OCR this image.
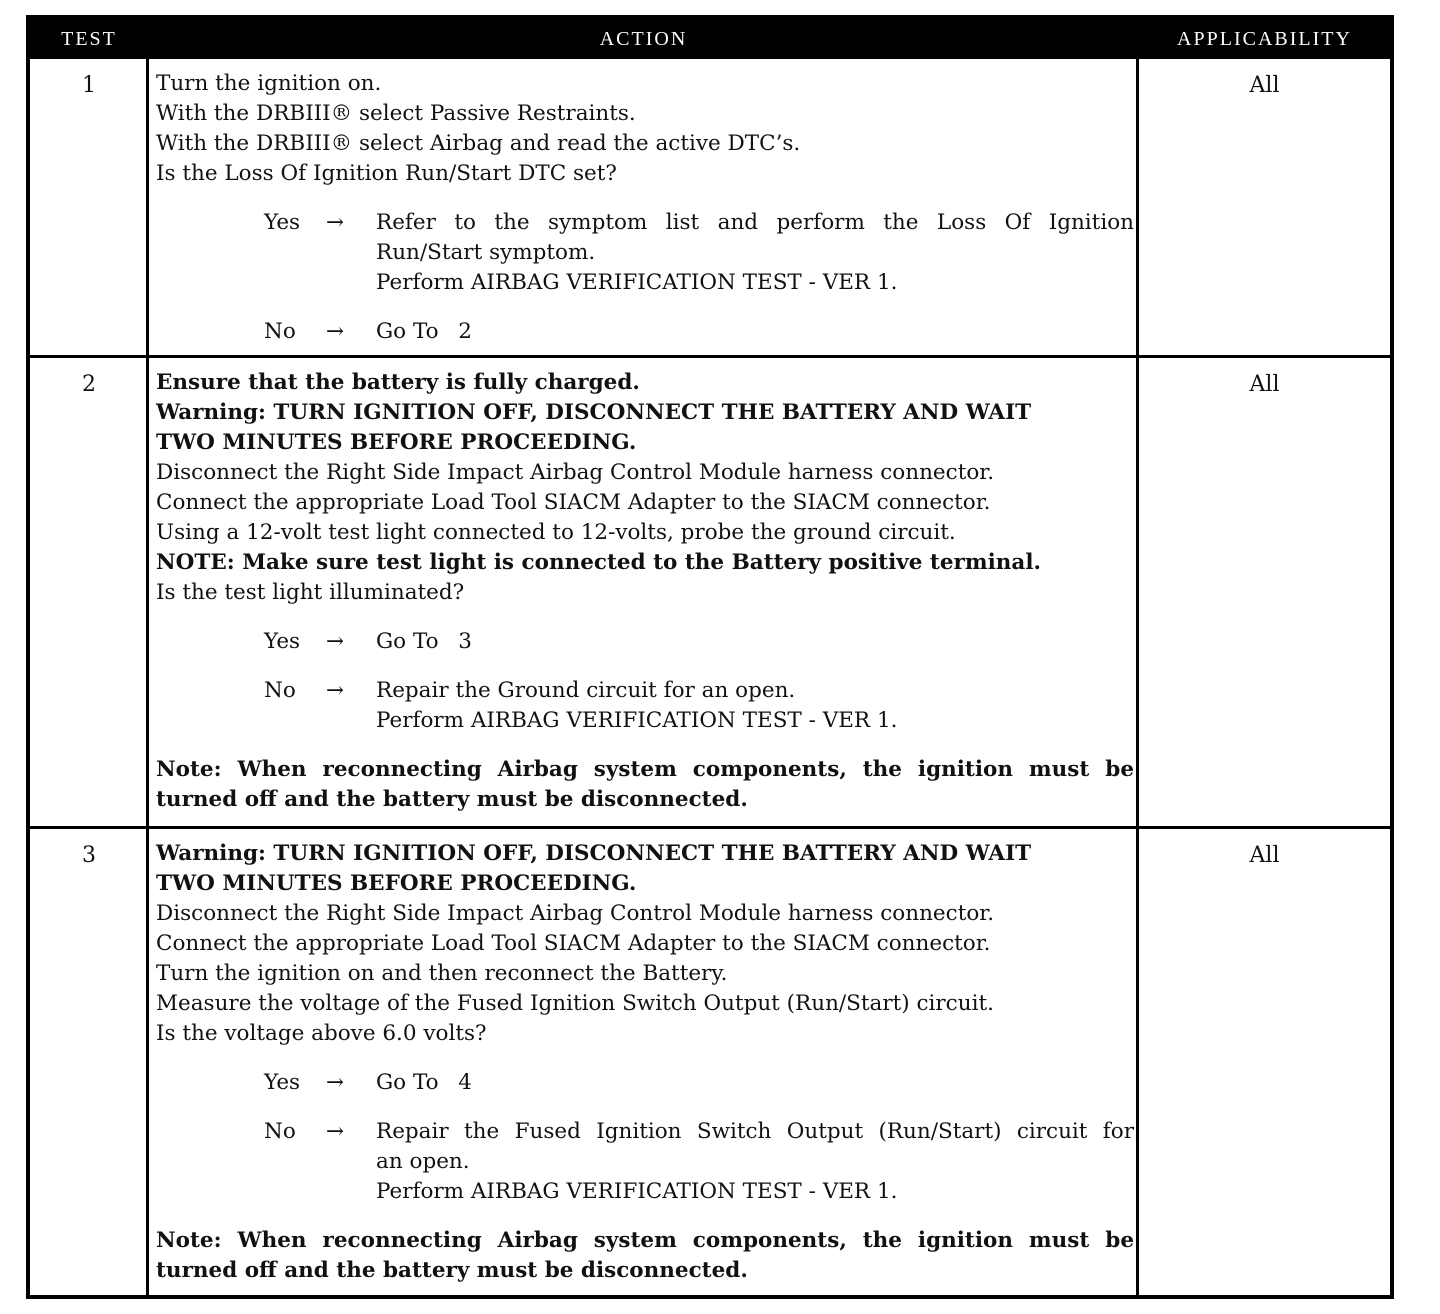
TEST	ACTION	APPLICABILITY
1	Turn the ignition on.
With the DRBIII® select Passive Restraints.
With the DRBIII® select Airbag and read the active DTC’s.
Is the Loss Of Ignition Run/Start DTC set?
Yes	→	Refer to the symptom list and perform the Loss Of Ignition
Run/Start symptom.
Perform AIRBAG VERIFICATION TEST - VER 1.
No	→	Go To 2
All
2	Ensure that the battery is fully charged.
Warning: TURN IGNITION OFF, DISCONNECT THE BATTERY AND WAIT
TWO MINUTES BEFORE PROCEEDING.
Disconnect the Right Side Impact Airbag Control Module harness connector.
Connect the appropriate Load Tool SIACM Adapter to the SIACM connector.
Using a 12-volt test light connected to 12-volts, probe the ground circuit.
NOTE: Make sure test light is connected to the Battery positive terminal.
Is the test light illuminated?
Yes	→	Go To 3
No	→	Repair the Ground circuit for an open.
Perform AIRBAG VERIFICATION TEST - VER 1.
Note: When reconnecting Airbag system components, the ignition must be
turned off and the battery must be disconnected.
All
3	Warning: TURN IGNITION OFF, DISCONNECT THE BATTERY AND WAIT
TWO MINUTES BEFORE PROCEEDING.
Disconnect the Right Side Impact Airbag Control Module harness connector.
Connect the appropriate Load Tool SIACM Adapter to the SIACM connector.
Turn the ignition on and then reconnect the Battery.
Measure the voltage of the Fused Ignition Switch Output (Run/Start) circuit.
Is the voltage above 6.0 volts?
Yes	→	Go To 4
No	→	Repair the Fused Ignition Switch Output (Run/Start) circuit for
an open.
Perform AIRBAG VERIFICATION TEST - VER 1.
Note: When reconnecting Airbag system components, the ignition must be
turned off and the battery must be disconnected.
All
